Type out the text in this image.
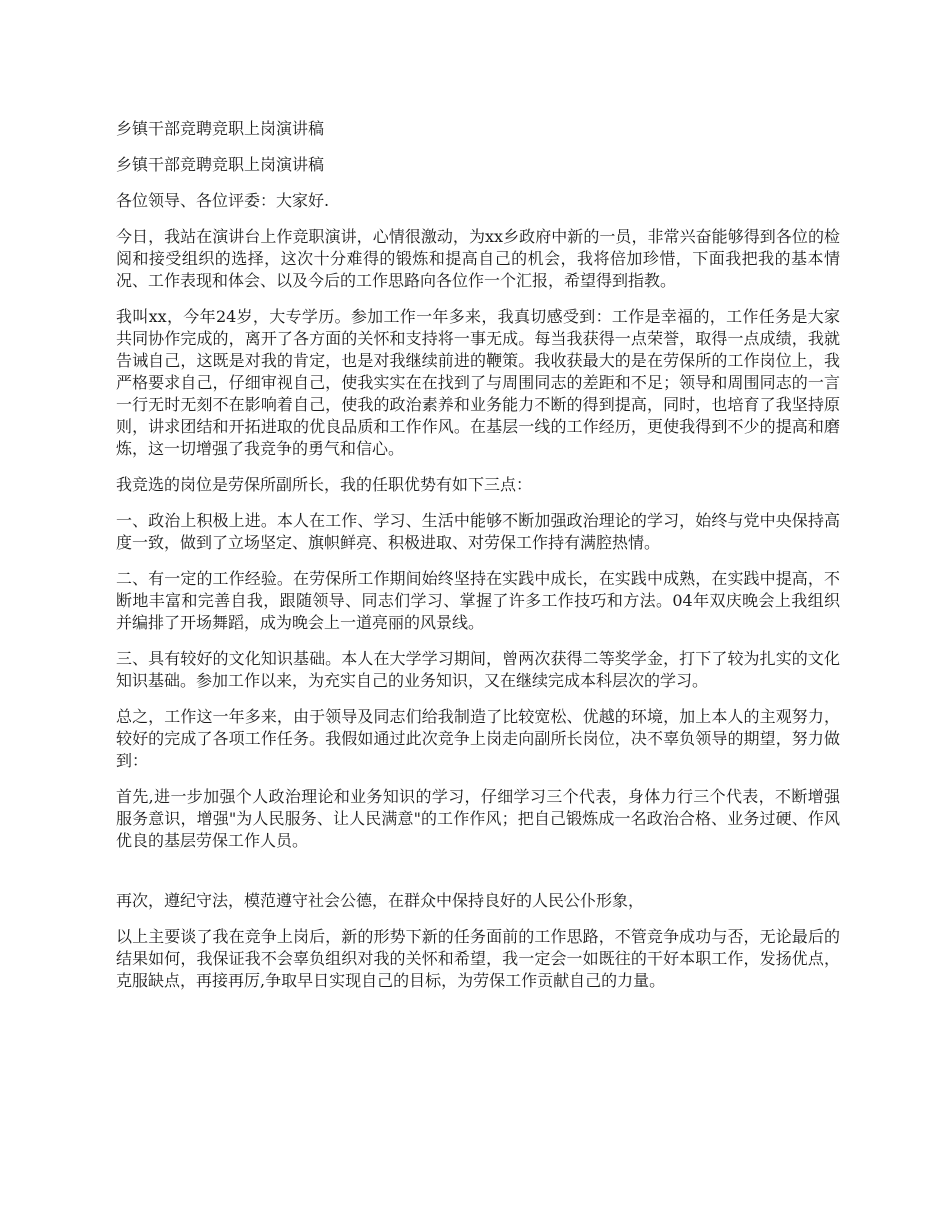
乡镇干部竞聘竞职上岗演讲稿

乡镇干部竞聘竞职上岗演讲稿

各位领导、各位评委：大家好.

今日，我站在演讲台上作竞职演讲，心情很激动，为xx乡政府中新的一员，非常兴奋能够得到各位的检阅和接受组织的选择，这次十分难得的锻炼和提高自己的机会，我将倍加珍惜，下面我把我的基本情况、工作表现和体会、以及今后的工作思路向各位作一个汇报，希望得到指教。

我叫xx，今年24岁，大专学历。参加工作一年多来，我真切感受到：工作是幸福的，工作任务是大家共同协作完成的，离开了各方面的关怀和支持将一事无成。每当我获得一点荣誉，取得一点成绩，我就告诫自己，这既是对我的肯定，也是对我继续前进的鞭策。我收获最大的是在劳保所的工作岗位上，我严格要求自己，仔细审视自己，使我实实在在找到了与周围同志的差距和不足；领导和周围同志的一言一行无时无刻不在影响着自己，使我的政治素养和业务能力不断的得到提高，同时，也培育了我坚持原则，讲求团结和开拓进取的优良品质和工作作风。在基层一线的工作经历，更使我得到不少的提高和磨炼，这一切增强了我竞争的勇气和信心。

我竞选的岗位是劳保所副所长，我的任职优势有如下三点：

一、政治上积极上进。本人在工作、学习、生活中能够不断加强政治理论的学习，始终与党中央保持高度一致，做到了立场坚定、旗帜鲜亮、积极进取、对劳保工作持有满腔热情。

二、有一定的工作经验。在劳保所工作期间始终坚持在实践中成长，在实践中成熟，在实践中提高，不断地丰富和完善自我，跟随领导、同志们学习、掌握了许多工作技巧和方法。04年双庆晚会上我组织并编排了开场舞蹈，成为晚会上一道亮丽的风景线。

三、具有较好的文化知识基础。本人在大学学习期间，曾两次获得二等奖学金，打下了较为扎实的文化知识基础。参加工作以来，为充实自己的业务知识，又在继续完成本科层次的学习。

总之，工作这一年多来，由于领导及同志们给我制造了比较宽松、优越的环境，加上本人的主观努力，较好的完成了各项工作任务。我假如通过此次竞争上岗走向副所长岗位，决不辜负领导的期望，努力做到：

首先,进一步加强个人政治理论和业务知识的学习，仔细学习三个代表，身体力行三个代表，不断增强服务意识，增强"为人民服务、让人民满意"的工作作风；把自己锻炼成一名政治合格、业务过硬、作风优良的基层劳保工作人员。

再次，遵纪守法，模范遵守社会公德，在群众中保持良好的人民公仆形象，

以上主要谈了我在竞争上岗后，新的形势下新的任务面前的工作思路，不管竞争成功与否，无论最后的结果如何，我保证我不会辜负组织对我的关怀和希望，我一定会一如既往的干好本职工作，发扬优点，克服缺点，再接再厉,争取早日实现自己的目标，为劳保工作贡献自己的力量。
